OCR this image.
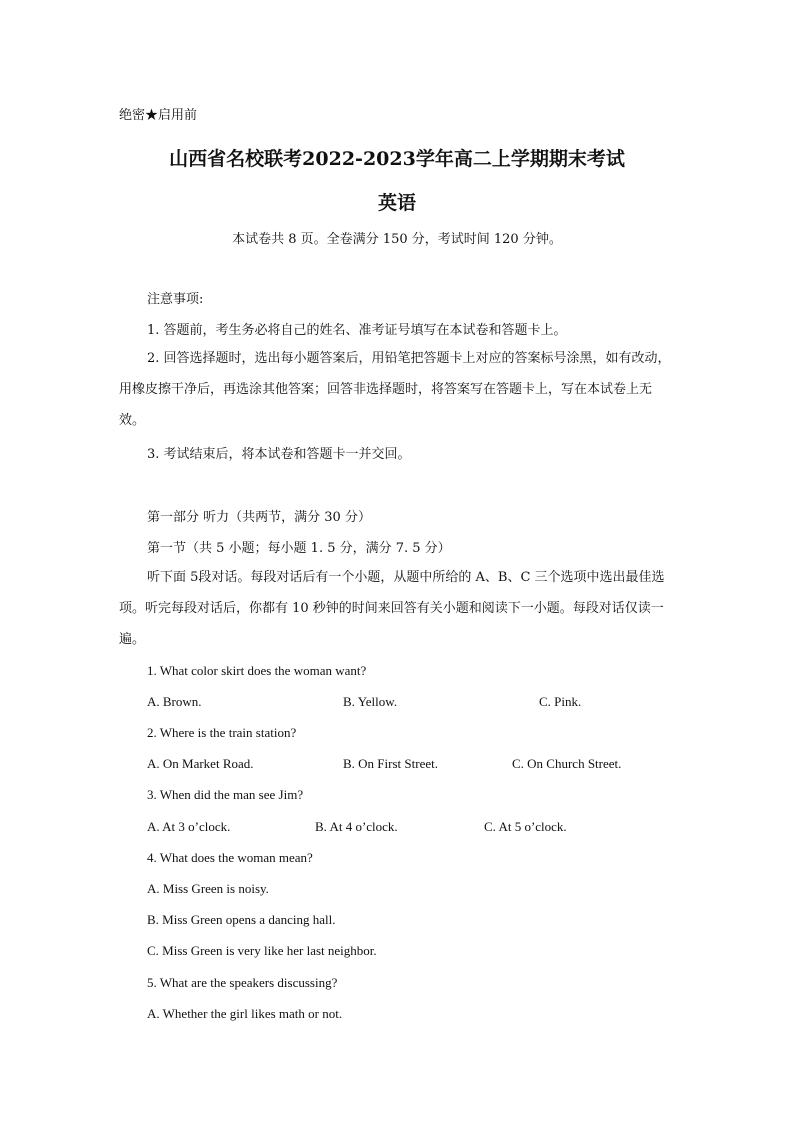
绝密★启用前
山西省名校联考2022-2023学年高二上学期期末考试
英语
本试卷共 8 页。全卷满分 150 分，考试时间 120 分钟。
注意事项:
1. 答题前，考生务必将自己的姓名、准考证号填写在本试卷和答题卡上。
2. 回答选择题时，选出每小题答案后，用铅笔把答题卡上对应的答案标号涂黑，如有改动，用橡皮擦干净后，再选涂其他答案；回答非选择题时，将答案写在答题卡上，写在本试卷上无效。
3. 考试结束后，将本试卷和答题卡一并交回。
第一部分 听力（共两节，满分 30 分）
第一节（共 5 小题；每小题 1. 5 分，满分 7. 5 分）
听下面 5段对话。每段对话后有一个小题，从题中所给的 A、B、C 三个选项中选出最佳选项。听完每段对话后，你都有 10 秒钟的时间来回答有关小题和阅读下一小题。每段对话仅读一遍。
1. What color skirt does the woman want?
A. Brown.	B. Yellow.	C. Pink.
2. Where is the train station?
A. On Market Road.	B. On First Street.	C. On Church Street.
3. When did the man see Jim?
A. At 3 o’clock.	B. At 4 o’clock.	C. At 5 o’clock.
4. What does the woman mean?
A. Miss Green is noisy.
B. Miss Green opens a dancing hall.
C. Miss Green is very like her last neighbor.
5. What are the speakers discussing?
A. Whether the girl likes math or not.
